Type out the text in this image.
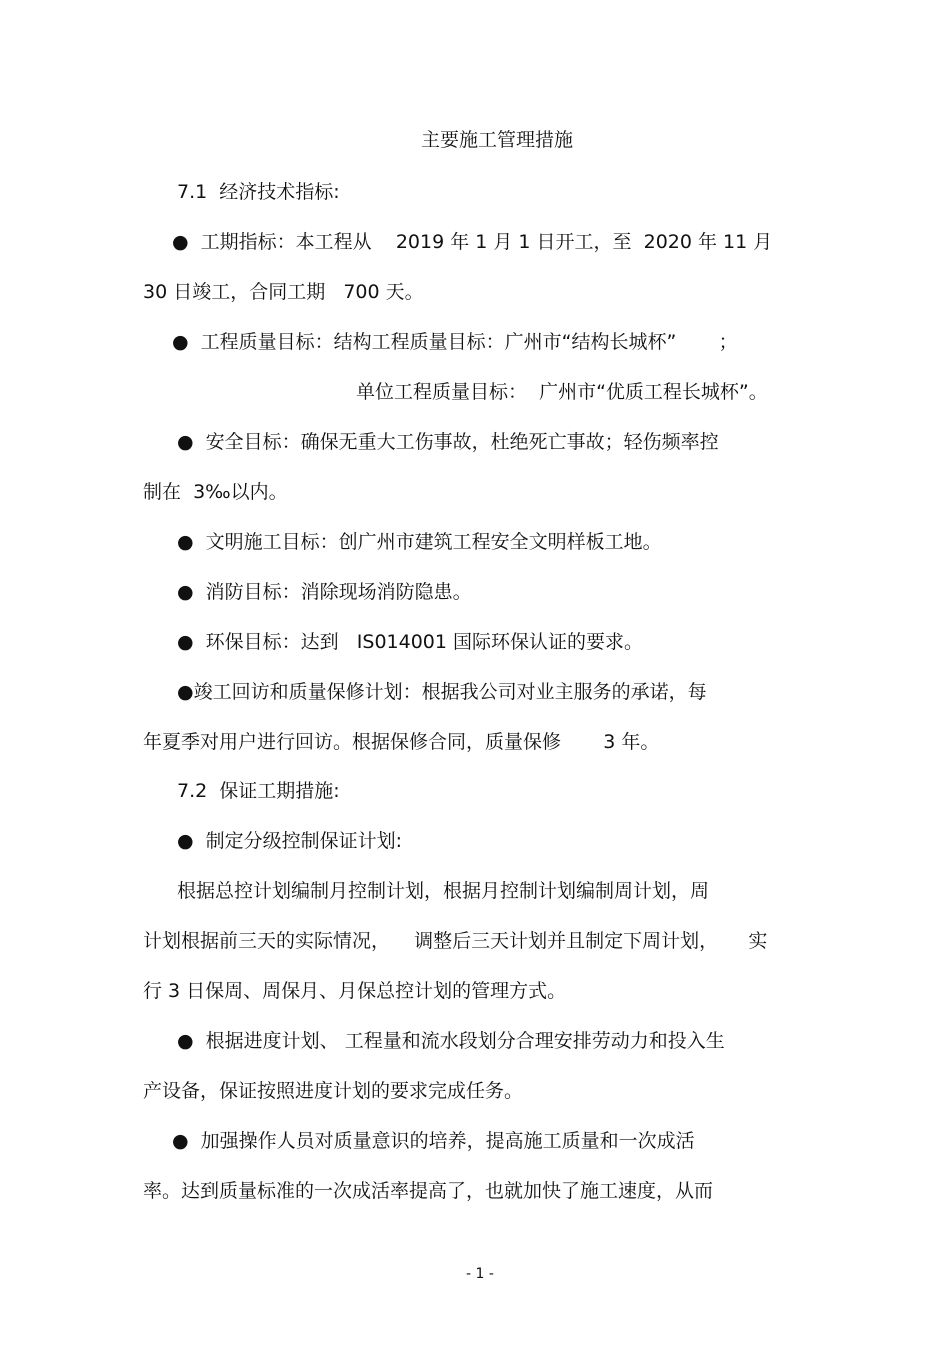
主要施工管理措施
7.1  经济技术指标:
●  工期指标：本工程从    2019 年 1 月 1 日开工，至  2020 年 11 月
30 日竣工，合同工期   700 天。
●  工程质量目标：结构工程质量目标：广州市“结构长城杯”       ；
单位工程质量目标：  广州市“优质工程长城杯”。
●  安全目标：确保无重大工伤事故，杜绝死亡事故；轻伤频率控
制在  3‰以内。
●  文明施工目标：创广州市建筑工程安全文明样板工地。
●  消防目标：消除现场消防隐患。
●  环保目标：达到   IS014001 国际环保认证的要求。
●竣工回访和质量保修计划：根据我公司对业主服务的承诺，每
年夏季对用户进行回访。根据保修合同，质量保修       3 年。
7.2  保证工期措施:
●  制定分级控制保证计划:
根据总控计划编制月控制计划，根据月控制计划编制周计划，周
计划根据前三天的实际情况，    调整后三天计划并且制定下周计划，     实
行 3 日保周、周保月、月保总控计划的管理方式。
●  根据进度计划、 工程量和流水段划分合理安排劳动力和投入生
产设备，保证按照进度计划的要求完成任务。
●  加强操作人员对质量意识的培养，提高施工质量和一次成活
率。达到质量标准的一次成活率提高了，也就加快了施工速度，从而
- 1 -
